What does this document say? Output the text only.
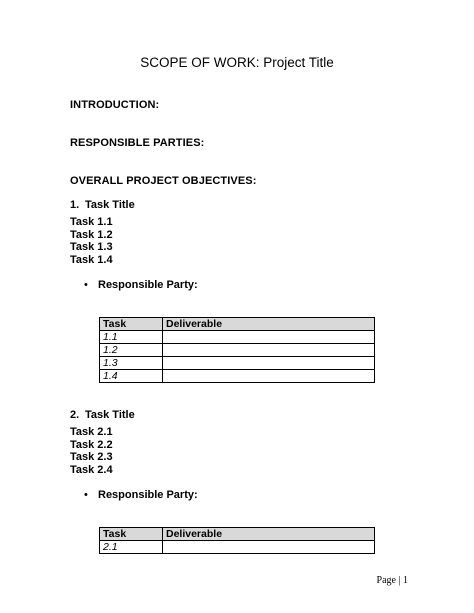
SCOPE OF WORK: Project Title
INTRODUCTION:
RESPONSIBLE PARTIES:
OVERALL PROJECT OBJECTIVES:
1. Task Title
Task 1.1
Task 1.2
Task 1.3
Task 1.4
• Responsible Party:
Task	Deliverable
1.1	
1.2	
1.3	
1.4	
2. Task Title
Task 2.1
Task 2.2
Task 2.3
Task 2.4
• Responsible Party:
Task	Deliverable
2.1	
Page | 1
